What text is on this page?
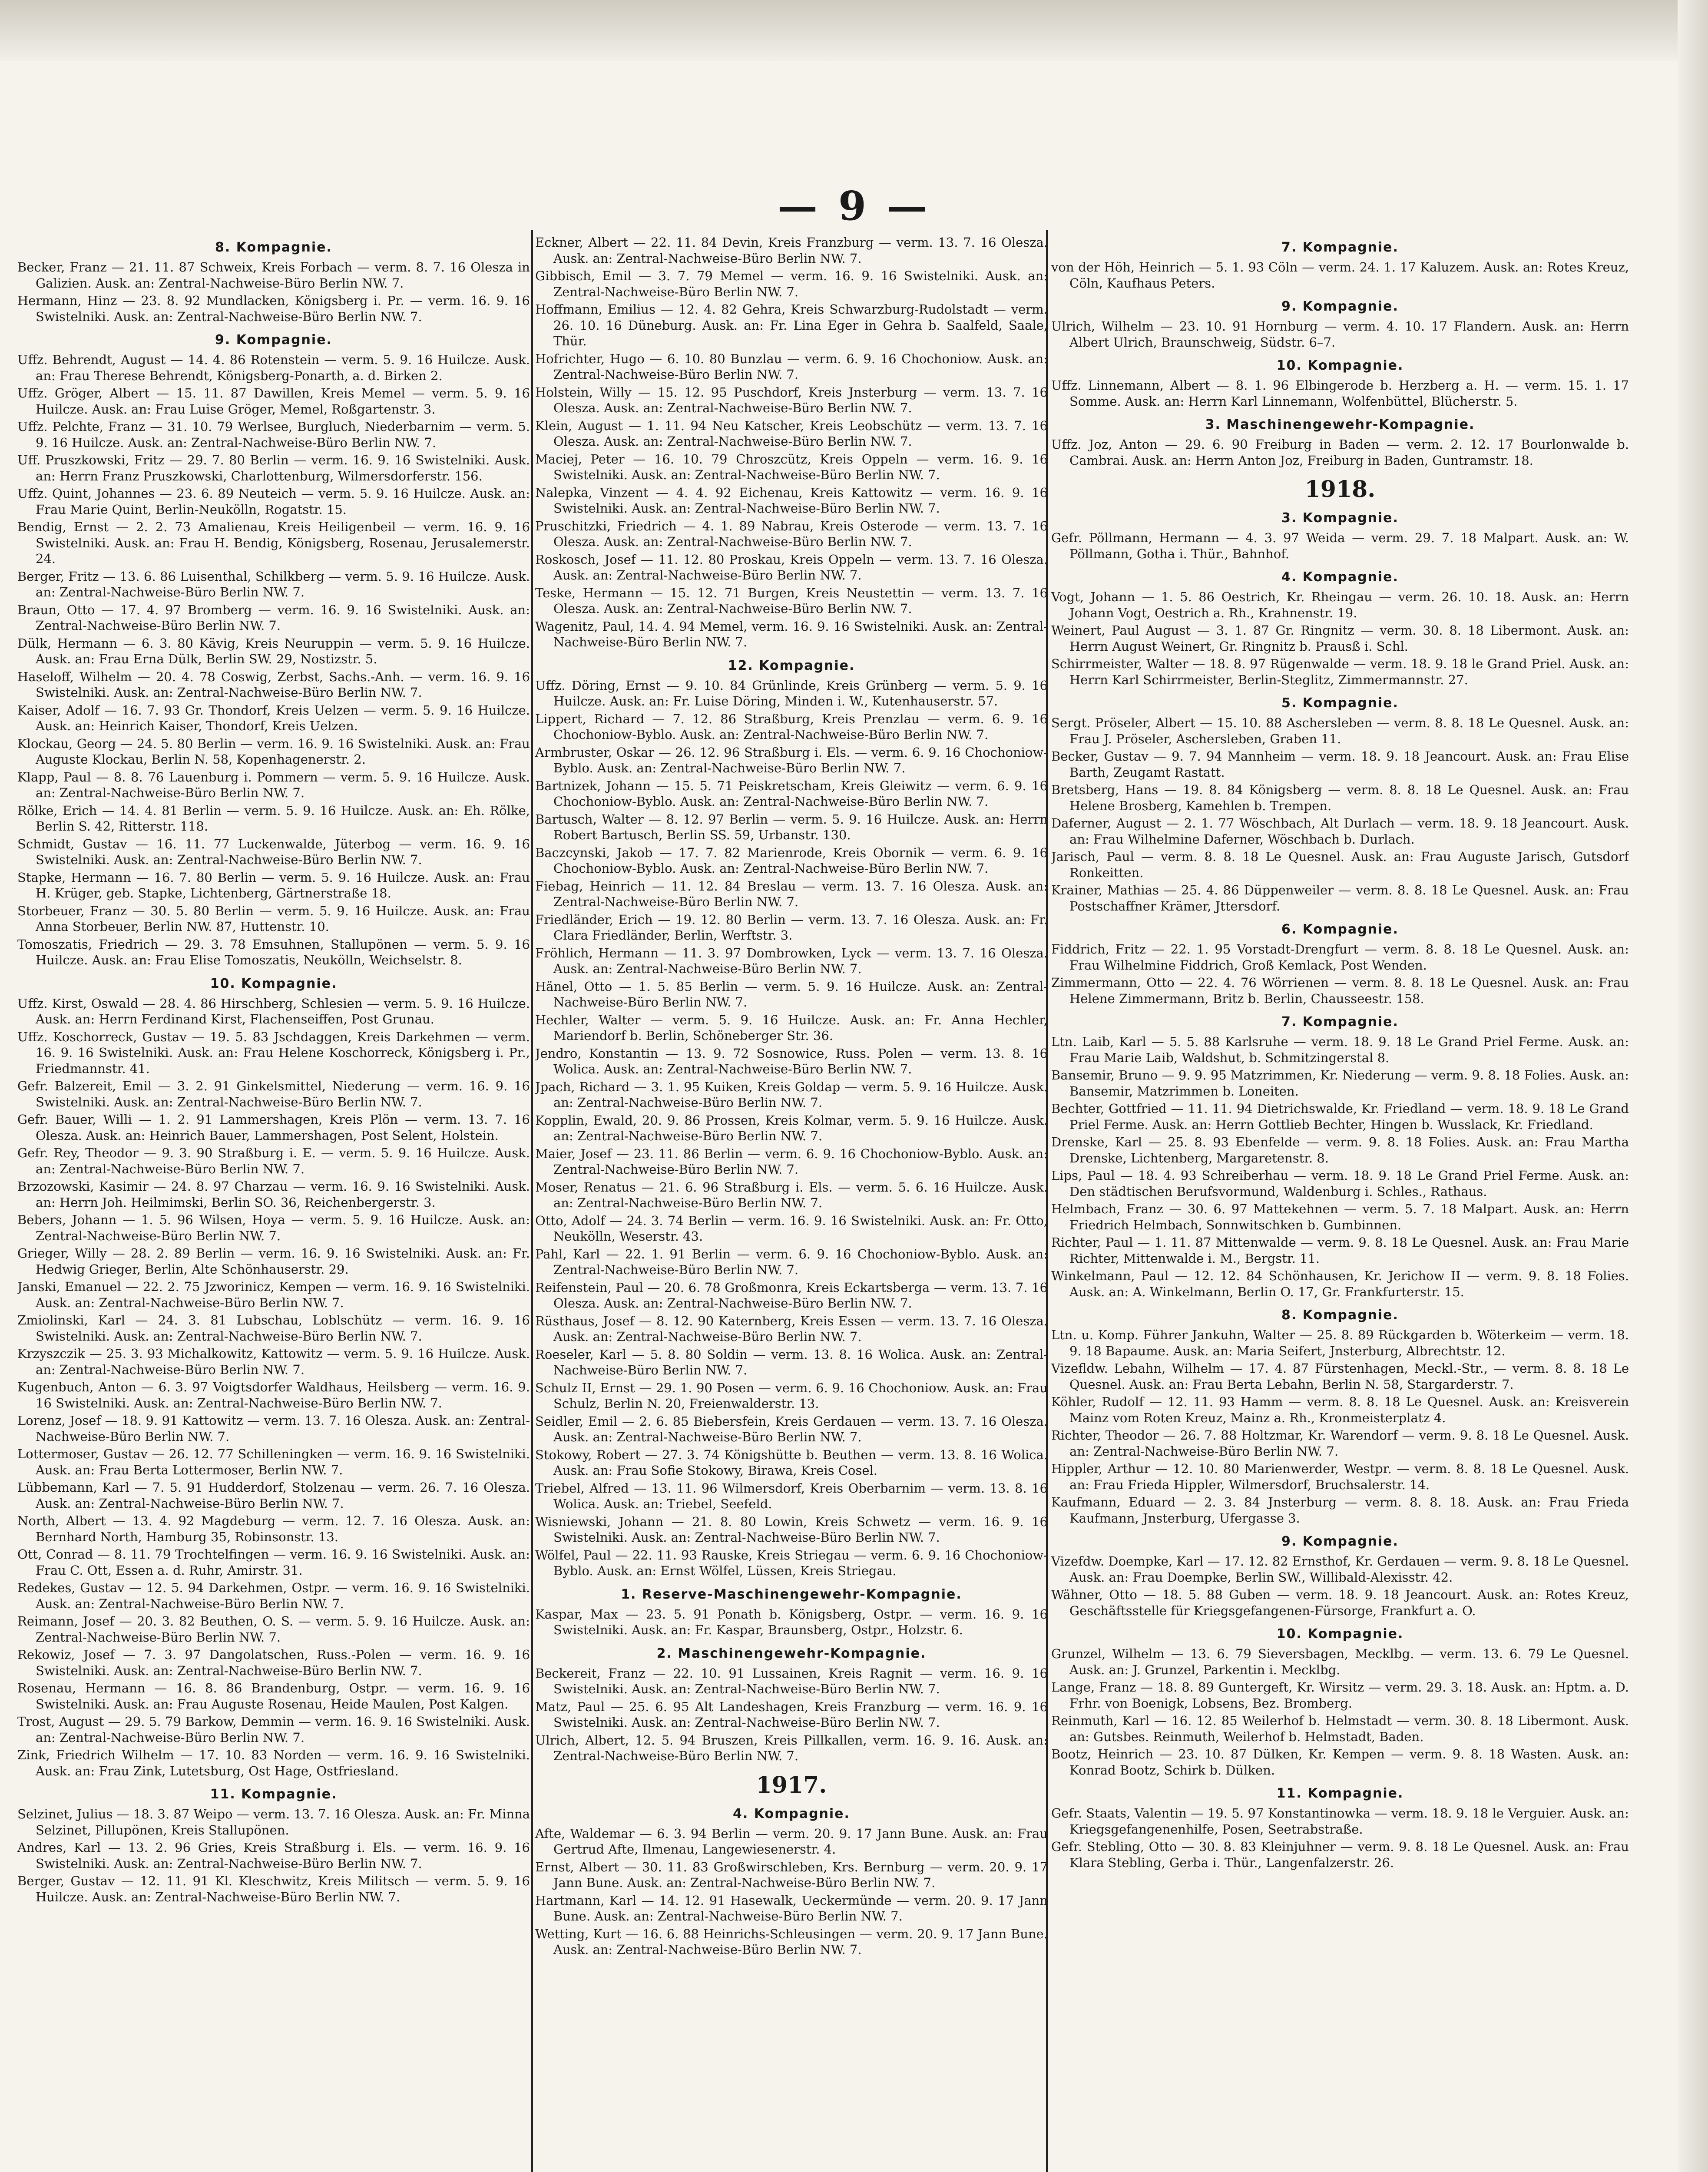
— 9 —
8. Kompagnie.
Becker, Franz — 21. 11. 87 Schweix, Kreis Forbach — verm. 8. 7. 16 Olesza in Galizien. Ausk. an: Zentral-Nachweise-Büro Berlin NW. 7.
Hermann, Hinz — 23. 8. 92 Mundlacken, Königsberg i. Pr. — verm. 16. 9. 16 Swistelniki. Ausk. an: Zentral-Nachweise-Büro Berlin NW. 7.
9. Kompagnie.
Uffz. Behrendt, August — 14. 4. 86 Rotenstein — verm. 5. 9. 16 Huilcze. Ausk. an: Frau Therese Behrendt, Königsberg-Ponarth, a. d. Birken 2.
Uffz. Gröger, Albert — 15. 11. 87 Dawillen, Kreis Memel — verm. 5. 9. 16 Huilcze. Ausk. an: Frau Luise Gröger, Memel, Roßgartenstr. 3.
Uffz. Pelchte, Franz — 31. 10. 79 Werlsee, Burgluch, Niederbarnim — verm. 5. 9. 16 Huilcze. Ausk. an: Zentral-Nachweise-Büro Berlin NW. 7.
Uff. Pruszkowski, Fritz — 29. 7. 80 Berlin — verm. 16. 9. 16 Swistelniki. Ausk. an: Herrn Franz Pruszkowski, Charlottenburg, Wilmersdorferstr. 156.
Uffz. Quint, Johannes — 23. 6. 89 Neuteich — verm. 5. 9. 16 Huilcze. Ausk. an: Frau Marie Quint, Berlin-Neukölln, Rogatstr. 15.
Bendig, Ernst — 2. 2. 73 Amalienau, Kreis Heiligenbeil — verm. 16. 9. 16 Swistelniki. Ausk. an: Frau H. Bendig, Königsberg, Rosenau, Jerusalemerstr. 24.
Berger, Fritz — 13. 6. 86 Luisenthal, Schilkberg — verm. 5. 9. 16 Huilcze. Ausk. an: Zentral-Nachweise-Büro Berlin NW. 7.
Braun, Otto — 17. 4. 97 Bromberg — verm. 16. 9. 16 Swistelniki. Ausk. an: Zentral-Nachweise-Büro Berlin NW. 7.
Dülk, Hermann — 6. 3. 80 Kävig, Kreis Neuruppin — verm. 5. 9. 16 Huilcze. Ausk. an: Frau Erna Dülk, Berlin SW. 29, Nostizstr. 5.
Haseloff, Wilhelm — 20. 4. 78 Coswig, Zerbst, Sachs.-Anh. — verm. 16. 9. 16 Swistelniki. Ausk. an: Zentral-Nachweise-Büro Berlin NW. 7.
Kaiser, Adolf — 16. 7. 93 Gr. Thondorf, Kreis Uelzen — verm. 5. 9. 16 Huilcze. Ausk. an: Heinrich Kaiser, Thondorf, Kreis Uelzen.
Klockau, Georg — 24. 5. 80 Berlin — verm. 16. 9. 16 Swistelniki. Ausk. an: Frau Auguste Klockau, Berlin N. 58, Kopenhagenerstr. 2.
Klapp, Paul — 8. 8. 76 Lauenburg i. Pommern — verm. 5. 9. 16 Huilcze. Ausk. an: Zentral-Nachweise-Büro Berlin NW. 7.
Rölke, Erich — 14. 4. 81 Berlin — verm. 5. 9. 16 Huilcze. Ausk. an: Eh. Rölke, Berlin S. 42, Ritterstr. 118.
Schmidt, Gustav — 16. 11. 77 Luckenwalde, Jüterbog — verm. 16. 9. 16 Swistelniki. Ausk. an: Zentral-Nachweise-Büro Berlin NW. 7.
Stapke, Hermann — 16. 7. 80 Berlin — verm. 5. 9. 16 Huilcze. Ausk. an: Frau H. Krüger, geb. Stapke, Lichtenberg, Gärtnerstraße 18.
Storbeuer, Franz — 30. 5. 80 Berlin — verm. 5. 9. 16 Huilcze. Ausk. an: Frau Anna Storbeuer, Berlin NW. 87, Huttenstr. 10.
Tomoszatis, Friedrich — 29. 3. 78 Emsuhnen, Stallupönen — verm. 5. 9. 16 Huilcze. Ausk. an: Frau Elise Tomoszatis, Neukölln, Weichselstr. 8.
10. Kompagnie.
Uffz. Kirst, Oswald — 28. 4. 86 Hirschberg, Schlesien — verm. 5. 9. 16 Huilcze. Ausk. an: Herrn Ferdinand Kirst, Flachenseiffen, Post Grunau.
Uffz. Koschorreck, Gustav — 19. 5. 83 Jschdaggen, Kreis Darkehmen — verm. 16. 9. 16 Swistelniki. Ausk. an: Frau Helene Koschorreck, Königsberg i. Pr., Friedmannstr. 41.
Gefr. Balzereit, Emil — 3. 2. 91 Ginkelsmittel, Niederung — verm. 16. 9. 16 Swistelniki. Ausk. an: Zentral-Nachweise-Büro Berlin NW. 7.
Gefr. Bauer, Willi — 1. 2. 91 Lammershagen, Kreis Plön — verm. 13. 7. 16 Olesza. Ausk. an: Heinrich Bauer, Lammershagen, Post Selent, Holstein.
Gefr. Rey, Theodor — 9. 3. 90 Straßburg i. E. — verm. 5. 9. 16 Huilcze. Ausk. an: Zentral-Nachweise-Büro Berlin NW. 7.
Brzozowski, Kasimir — 24. 8. 97 Charzau — verm. 16. 9. 16 Swistelniki. Ausk. an: Herrn Joh. Heilmimski, Berlin SO. 36, Reichenbergerstr. 3.
Bebers, Johann — 1. 5. 96 Wilsen, Hoya — verm. 5. 9. 16 Huilcze. Ausk. an: Zentral-Nachweise-Büro Berlin NW. 7.
Grieger, Willy — 28. 2. 89 Berlin — verm. 16. 9. 16 Swistelniki. Ausk. an: Fr. Hedwig Grieger, Berlin, Alte Schönhauserstr. 29.
Janski, Emanuel — 22. 2. 75 Jzworinicz, Kempen — verm. 16. 9. 16 Swistelniki. Ausk. an: Zentral-Nachweise-Büro Berlin NW. 7.
Zmiolinski, Karl — 24. 3. 81 Lubschau, Loblschütz — verm. 16. 9. 16 Swistelniki. Ausk. an: Zentral-Nachweise-Büro Berlin NW. 7.
Krzyszczik — 25. 3. 93 Michalkowitz, Kattowitz — verm. 5. 9. 16 Huilcze. Ausk. an: Zentral-Nachweise-Büro Berlin NW. 7.
Kugenbuch, Anton — 6. 3. 97 Voigtsdorfer Waldhaus, Heilsberg — verm. 16. 9. 16 Swistelniki. Ausk. an: Zentral-Nachweise-Büro Berlin NW. 7.
Lorenz, Josef — 18. 9. 91 Kattowitz — verm. 13. 7. 16 Olesza. Ausk. an: Zentral-Nachweise-Büro Berlin NW. 7.
Lottermoser, Gustav — 26. 12. 77 Schilleningken — verm. 16. 9. 16 Swistelniki. Ausk. an: Frau Berta Lottermoser, Berlin NW. 7.
Lübbemann, Karl — 7. 5. 91 Hudderdorf, Stolzenau — verm. 26. 7. 16 Olesza. Ausk. an: Zentral-Nachweise-Büro Berlin NW. 7.
North, Albert — 13. 4. 92 Magdeburg — verm. 12. 7. 16 Olesza. Ausk. an: Bernhard North, Hamburg 35, Robinsonstr. 13.
Ott, Conrad — 8. 11. 79 Trochtelfingen — verm. 16. 9. 16 Swistelniki. Ausk. an: Frau C. Ott, Essen a. d. Ruhr, Amirstr. 31.
Redekes, Gustav — 12. 5. 94 Darkehmen, Ostpr. — verm. 16. 9. 16 Swistelniki. Ausk. an: Zentral-Nachweise-Büro Berlin NW. 7.
Reimann, Josef — 20. 3. 82 Beuthen, O. S. — verm. 5. 9. 16 Huilcze. Ausk. an: Zentral-Nachweise-Büro Berlin NW. 7.
Rekowiz, Josef — 7. 3. 97 Dangolatschen, Russ.-Polen — verm. 16. 9. 16 Swistelniki. Ausk. an: Zentral-Nachweise-Büro Berlin NW. 7.
Rosenau, Hermann — 16. 8. 86 Brandenburg, Ostpr. — verm. 16. 9. 16 Swistelniki. Ausk. an: Frau Auguste Rosenau, Heide Maulen, Post Kalgen.
Trost, August — 29. 5. 79 Barkow, Demmin — verm. 16. 9. 16 Swistelniki. Ausk. an: Zentral-Nachweise-Büro Berlin NW. 7.
Zink, Friedrich Wilhelm — 17. 10. 83 Norden — verm. 16. 9. 16 Swistelniki. Ausk. an: Frau Zink, Lutetsburg, Ost Hage, Ostfriesland.
11. Kompagnie.
Selzinet, Julius — 18. 3. 87 Weipo — verm. 13. 7. 16 Olesza. Ausk. an: Fr. Minna Selzinet, Pillupönen, Kreis Stallupönen.
Andres, Karl — 13. 2. 96 Gries, Kreis Straßburg i. Els. — verm. 16. 9. 16 Swistelniki. Ausk. an: Zentral-Nachweise-Büro Berlin NW. 7.
Berger, Gustav — 12. 11. 91 Kl. Kleschwitz, Kreis Militsch — verm. 5. 9. 16 Huilcze. Ausk. an: Zentral-Nachweise-Büro Berlin NW. 7.
Eckner, Albert — 22. 11. 84 Devin, Kreis Franzburg — verm. 13. 7. 16 Olesza. Ausk. an: Zentral-Nachweise-Büro Berlin NW. 7.
Gibbisch, Emil — 3. 7. 79 Memel — verm. 16. 9. 16 Swistelniki. Ausk. an: Zentral-Nachweise-Büro Berlin NW. 7.
Hoffmann, Emilius — 12. 4. 82 Gehra, Kreis Schwarzburg-Rudolstadt — verm. 26. 10. 16 Düneburg. Ausk. an: Fr. Lina Eger in Gehra b. Saalfeld, Saale, Thür.
Hofrichter, Hugo — 6. 10. 80 Bunzlau — verm. 6. 9. 16 Chochoniow. Ausk. an: Zentral-Nachweise-Büro Berlin NW. 7.
Holstein, Willy — 15. 12. 95 Puschdorf, Kreis Jnsterburg — verm. 13. 7. 16 Olesza. Ausk. an: Zentral-Nachweise-Büro Berlin NW. 7.
Klein, August — 1. 11. 94 Neu Katscher, Kreis Leobschütz — verm. 13. 7. 16 Olesza. Ausk. an: Zentral-Nachweise-Büro Berlin NW. 7.
Maciej, Peter — 16. 10. 79 Chroszcütz, Kreis Oppeln — verm. 16. 9. 16 Swistelniki. Ausk. an: Zentral-Nachweise-Büro Berlin NW. 7.
Nalepka, Vinzent — 4. 4. 92 Eichenau, Kreis Kattowitz — verm. 16. 9. 16 Swistelniki. Ausk. an: Zentral-Nachweise-Büro Berlin NW. 7.
Pruschitzki, Friedrich — 4. 1. 89 Nabrau, Kreis Osterode — verm. 13. 7. 16 Olesza. Ausk. an: Zentral-Nachweise-Büro Berlin NW. 7.
Roskosch, Josef — 11. 12. 80 Proskau, Kreis Oppeln — verm. 13. 7. 16 Olesza. Ausk. an: Zentral-Nachweise-Büro Berlin NW. 7.
Teske, Hermann — 15. 12. 71 Burgen, Kreis Neustettin — verm. 13. 7. 16 Olesza. Ausk. an: Zentral-Nachweise-Büro Berlin NW. 7.
Wagenitz, Paul, 14. 4. 94 Memel, verm. 16. 9. 16 Swistelniki. Ausk. an: Zentral-Nachweise-Büro Berlin NW. 7.
12. Kompagnie.
Uffz. Döring, Ernst — 9. 10. 84 Grünlinde, Kreis Grünberg — verm. 5. 9. 16 Huilcze. Ausk. an: Fr. Luise Döring, Minden i. W., Kutenhauserstr. 57.
Lippert, Richard — 7. 12. 86 Straßburg, Kreis Prenzlau — verm. 6. 9. 16 Chochoniow-Byblo. Ausk. an: Zentral-Nachweise-Büro Berlin NW. 7.
Armbruster, Oskar — 26. 12. 96 Straßburg i. Els. — verm. 6. 9. 16 Chochoniow-Byblo. Ausk. an: Zentral-Nachweise-Büro Berlin NW. 7.
Bartnizek, Johann — 15. 5. 71 Peiskretscham, Kreis Gleiwitz — verm. 6. 9. 16 Chochoniow-Byblo. Ausk. an: Zentral-Nachweise-Büro Berlin NW. 7.
Bartusch, Walter — 8. 12. 97 Berlin — verm. 5. 9. 16 Huilcze. Ausk. an: Herrn Robert Bartusch, Berlin SS. 59, Urbanstr. 130.
Baczcynski, Jakob — 17. 7. 82 Marienrode, Kreis Obornik — verm. 6. 9. 16 Chochoniow-Byblo. Ausk. an: Zentral-Nachweise-Büro Berlin NW. 7.
Fiebag, Heinrich — 11. 12. 84 Breslau — verm. 13. 7. 16 Olesza. Ausk. an: Zentral-Nachweise-Büro Berlin NW. 7.
Friedländer, Erich — 19. 12. 80 Berlin — verm. 13. 7. 16 Olesza. Ausk. an: Fr. Clara Friedländer, Berlin, Werftstr. 3.
Fröhlich, Hermann — 11. 3. 97 Dombrowken, Lyck — verm. 13. 7. 16 Olesza. Ausk. an: Zentral-Nachweise-Büro Berlin NW. 7.
Hänel, Otto — 1. 5. 85 Berlin — verm. 5. 9. 16 Huilcze. Ausk. an: Zentral-Nachweise-Büro Berlin NW. 7.
Hechler, Walter — verm. 5. 9. 16 Huilcze. Ausk. an: Fr. Anna Hechler, Mariendorf b. Berlin, Schöneberger Str. 36.
Jendro, Konstantin — 13. 9. 72 Sosnowice, Russ. Polen — verm. 13. 8. 16 Wolica. Ausk. an: Zentral-Nachweise-Büro Berlin NW. 7.
Jpach, Richard — 3. 1. 95 Kuiken, Kreis Goldap — verm. 5. 9. 16 Huilcze. Ausk. an: Zentral-Nachweise-Büro Berlin NW. 7.
Kopplin, Ewald, 20. 9. 86 Prossen, Kreis Kolmar, verm. 5. 9. 16 Huilcze. Ausk. an: Zentral-Nachweise-Büro Berlin NW. 7.
Maier, Josef — 23. 11. 86 Berlin — verm. 6. 9. 16 Chochoniow-Byblo. Ausk. an: Zentral-Nachweise-Büro Berlin NW. 7.
Moser, Renatus — 21. 6. 96 Straßburg i. Els. — verm. 5. 6. 16 Huilcze. Ausk. an: Zentral-Nachweise-Büro Berlin NW. 7.
Otto, Adolf — 24. 3. 74 Berlin — verm. 16. 9. 16 Swistelniki. Ausk. an: Fr. Otto, Neukölln, Weserstr. 43.
Pahl, Karl — 22. 1. 91 Berlin — verm. 6. 9. 16 Chochoniow-Byblo. Ausk. an: Zentral-Nachweise-Büro Berlin NW. 7.
Reifenstein, Paul — 20. 6. 78 Großmonra, Kreis Eckartsberga — verm. 13. 7. 16 Olesza. Ausk. an: Zentral-Nachweise-Büro Berlin NW. 7.
Rüsthaus, Josef — 8. 12. 90 Katernberg, Kreis Essen — verm. 13. 7. 16 Olesza. Ausk. an: Zentral-Nachweise-Büro Berlin NW. 7.
Roeseler, Karl — 5. 8. 80 Soldin — verm. 13. 8. 16 Wolica. Ausk. an: Zentral-Nachweise-Büro Berlin NW. 7.
Schulz II, Ernst — 29. 1. 90 Posen — verm. 6. 9. 16 Chochoniow. Ausk. an: Frau Schulz, Berlin N. 20, Freienwalderstr. 13.
Seidler, Emil — 2. 6. 85 Biebersfein, Kreis Gerdauen — verm. 13. 7. 16 Olesza. Ausk. an: Zentral-Nachweise-Büro Berlin NW. 7.
Stokowy, Robert — 27. 3. 74 Königshütte b. Beuthen — verm. 13. 8. 16 Wolica. Ausk. an: Frau Sofie Stokowy, Birawa, Kreis Cosel.
Triebel, Alfred — 13. 11. 96 Wilmersdorf, Kreis Oberbarnim — verm. 13. 8. 16 Wolica. Ausk. an: Triebel, Seefeld.
Wisniewski, Johann — 21. 8. 80 Lowin, Kreis Schwetz — verm. 16. 9. 16 Swistelniki. Ausk. an: Zentral-Nachweise-Büro Berlin NW. 7.
Wölfel, Paul — 22. 11. 93 Rauske, Kreis Striegau — verm. 6. 9. 16 Chochoniow-Byblo. Ausk. an: Ernst Wölfel, Lüssen, Kreis Striegau.
1. Reserve-Maschinengewehr-Kompagnie.
Kaspar, Max — 23. 5. 91 Ponath b. Königsberg, Ostpr. — verm. 16. 9. 16 Swistelniki. Ausk. an: Fr. Kaspar, Braunsberg, Ostpr., Holzstr. 6.
2. Maschinengewehr-Kompagnie.
Beckereit, Franz — 22. 10. 91 Lussainen, Kreis Ragnit — verm. 16. 9. 16 Swistelniki. Ausk. an: Zentral-Nachweise-Büro Berlin NW. 7.
Matz, Paul — 25. 6. 95 Alt Landeshagen, Kreis Franzburg — verm. 16. 9. 16 Swistelniki. Ausk. an: Zentral-Nachweise-Büro Berlin NW. 7.
Ulrich, Albert, 12. 5. 94 Bruszen, Kreis Pillkallen, verm. 16. 9. 16. Ausk. an: Zentral-Nachweise-Büro Berlin NW. 7.
1917.
4. Kompagnie.
Afte, Waldemar — 6. 3. 94 Berlin — verm. 20. 9. 17 Jann Bune. Ausk. an: Frau Gertrud Afte, Ilmenau, Langewiesenerstr. 4.
Ernst, Albert — 30. 11. 83 Großwirschleben, Krs. Bernburg — verm. 20. 9. 17 Jann Bune. Ausk. an: Zentral-Nachweise-Büro Berlin NW. 7.
Hartmann, Karl — 14. 12. 91 Hasewalk, Ueckermünde — verm. 20. 9. 17 Jann Bune. Ausk. an: Zentral-Nachweise-Büro Berlin NW. 7.
Wetting, Kurt — 16. 6. 88 Heinrichs-Schleusingen — verm. 20. 9. 17 Jann Bune. Ausk. an: Zentral-Nachweise-Büro Berlin NW. 7.
7. Kompagnie.
von der Höh, Heinrich — 5. 1. 93 Cöln — verm. 24. 1. 17 Kaluzem. Ausk. an: Rotes Kreuz, Cöln, Kaufhaus Peters.
9. Kompagnie.
Ulrich, Wilhelm — 23. 10. 91 Hornburg — verm. 4. 10. 17 Flandern. Ausk. an: Herrn Albert Ulrich, Braunschweig, Südstr. 6–7.
10. Kompagnie.
Uffz. Linnemann, Albert — 8. 1. 96 Elbingerode b. Herzberg a. H. — verm. 15. 1. 17 Somme. Ausk. an: Herrn Karl Linnemann, Wolfenbüttel, Blücherstr. 5.
3. Maschinengewehr-Kompagnie.
Uffz. Joz, Anton — 29. 6. 90 Freiburg in Baden — verm. 2. 12. 17 Bourlonwalde b. Cambrai. Ausk. an: Herrn Anton Joz, Freiburg in Baden, Guntramstr. 18.
1918.
3. Kompagnie.
Gefr. Pöllmann, Hermann — 4. 3. 97 Weida — verm. 29. 7. 18 Malpart. Ausk. an: W. Pöllmann, Gotha i. Thür., Bahnhof.
4. Kompagnie.
Vogt, Johann — 1. 5. 86 Oestrich, Kr. Rheingau — verm. 26. 10. 18. Ausk. an: Herrn Johann Vogt, Oestrich a. Rh., Krahnenstr. 19.
Weinert, Paul August — 3. 1. 87 Gr. Ringnitz — verm. 30. 8. 18 Libermont. Ausk. an: Herrn August Weinert, Gr. Ringnitz b. Prausß i. Schl.
Schirrmeister, Walter — 18. 8. 97 Rügenwalde — verm. 18. 9. 18 le Grand Priel. Ausk. an: Herrn Karl Schirrmeister, Berlin-Steglitz, Zimmermannstr. 27.
5. Kompagnie.
Sergt. Pröseler, Albert — 15. 10. 88 Aschersleben — verm. 8. 8. 18 Le Quesnel. Ausk. an: Frau J. Pröseler, Aschersleben, Graben 11.
Becker, Gustav — 9. 7. 94 Mannheim — verm. 18. 9. 18 Jeancourt. Ausk. an: Frau Elise Barth, Zeugamt Rastatt.
Bretsberg, Hans — 19. 8. 84 Königsberg — verm. 8. 8. 18 Le Quesnel. Ausk. an: Frau Helene Brosberg, Kamehlen b. Trempen.
Daferner, August — 2. 1. 77 Wöschbach, Alt Durlach — verm. 18. 9. 18 Jeancourt. Ausk. an: Frau Wilhelmine Daferner, Wöschbach b. Durlach.
Jarisch, Paul — verm. 8. 8. 18 Le Quesnel. Ausk. an: Frau Auguste Jarisch, Gutsdorf Ronkeitten.
Krainer, Mathias — 25. 4. 86 Düppenweiler — verm. 8. 8. 18 Le Quesnel. Ausk. an: Frau Postschaffner Krämer, Jttersdorf.
6. Kompagnie.
Fiddrich, Fritz — 22. 1. 95 Vorstadt-Drengfurt — verm. 8. 8. 18 Le Quesnel. Ausk. an: Frau Wilhelmine Fiddrich, Groß Kemlack, Post Wenden.
Zimmermann, Otto — 22. 4. 76 Wörrienen — verm. 8. 8. 18 Le Quesnel. Ausk. an: Frau Helene Zimmermann, Britz b. Berlin, Chausseestr. 158.
7. Kompagnie.
Ltn. Laib, Karl — 5. 5. 88 Karlsruhe — verm. 18. 9. 18 Le Grand Priel Ferme. Ausk. an: Frau Marie Laib, Waldshut, b. Schmitzingerstal 8.
Bansemir, Bruno — 9. 9. 95 Matzrimmen, Kr. Niederung — verm. 9. 8. 18 Folies. Ausk. an: Bansemir, Matzrimmen b. Loneiten.
Bechter, Gottfried — 11. 11. 94 Dietrichswalde, Kr. Friedland — verm. 18. 9. 18 Le Grand Priel Ferme. Ausk. an: Herrn Gottlieb Bechter, Hingen b. Wusslack, Kr. Friedland.
Drenske, Karl — 25. 8. 93 Ebenfelde — verm. 9. 8. 18 Folies. Ausk. an: Frau Martha Drenske, Lichtenberg, Margaretenstr. 8.
Lips, Paul — 18. 4. 93 Schreiberhau — verm. 18. 9. 18 Le Grand Priel Ferme. Ausk. an: Den städtischen Berufsvormund, Waldenburg i. Schles., Rathaus.
Helmbach, Franz — 30. 6. 97 Mattekehnen — verm. 5. 7. 18 Malpart. Ausk. an: Herrn Friedrich Helmbach, Sonnwitschken b. Gumbinnen.
Richter, Paul — 1. 11. 87 Mittenwalde — verm. 9. 8. 18 Le Quesnel. Ausk. an: Frau Marie Richter, Mittenwalde i. M., Bergstr. 11.
Winkelmann, Paul — 12. 12. 84 Schönhausen, Kr. Jerichow II — verm. 9. 8. 18 Folies. Ausk. an: A. Winkelmann, Berlin O. 17, Gr. Frankfurterstr. 15.
8. Kompagnie.
Ltn. u. Komp. Führer Jankuhn, Walter — 25. 8. 89 Rückgarden b. Wöterkeim — verm. 18. 9. 18 Bapaume. Ausk. an: Maria Seifert, Jnsterburg, Albrechtstr. 12.
Vizefldw. Lebahn, Wilhelm — 17. 4. 87 Fürstenhagen, Meckl.-Str., — verm. 8. 8. 18 Le Quesnel. Ausk. an: Frau Berta Lebahn, Berlin N. 58, Stargarderstr. 7.
Köhler, Rudolf — 12. 11. 93 Hamm — verm. 8. 8. 18 Le Quesnel. Ausk. an: Kreisverein Mainz vom Roten Kreuz, Mainz a. Rh., Kronmeisterplatz 4.
Richter, Theodor — 26. 7. 88 Holtzmar, Kr. Warendorf — verm. 9. 8. 18 Le Quesnel. Ausk. an: Zentral-Nachweise-Büro Berlin NW. 7.
Hippler, Arthur — 12. 10. 80 Marienwerder, Westpr. — verm. 8. 8. 18 Le Quesnel. Ausk. an: Frau Frieda Hippler, Wilmersdorf, Bruchsalerstr. 14.
Kaufmann, Eduard — 2. 3. 84 Jnsterburg — verm. 8. 8. 18. Ausk. an: Frau Frieda Kaufmann, Jnsterburg, Ufergasse 3.
9. Kompagnie.
Vizefdw. Doempke, Karl — 17. 12. 82 Ernsthof, Kr. Gerdauen — verm. 9. 8. 18 Le Quesnel. Ausk. an: Frau Doempke, Berlin SW., Willibald-Alexisstr. 42.
Wähner, Otto — 18. 5. 88 Guben — verm. 18. 9. 18 Jeancourt. Ausk. an: Rotes Kreuz, Geschäftsstelle für Kriegsgefangenen-Fürsorge, Frankfurt a. O.
10. Kompagnie.
Grunzel, Wilhelm — 13. 6. 79 Sieversbagen, Mecklbg. — verm. 13. 6. 79 Le Quesnel. Ausk. an: J. Grunzel, Parkentin i. Mecklbg.
Lange, Franz — 18. 8. 89 Guntergeft, Kr. Wirsitz — verm. 29. 3. 18. Ausk. an: Hptm. a. D. Frhr. von Boenigk, Lobsens, Bez. Bromberg.
Reinmuth, Karl — 16. 12. 85 Weilerhof b. Helmstadt — verm. 30. 8. 18 Libermont. Ausk. an: Gutsbes. Reinmuth, Weilerhof b. Helmstadt, Baden.
Bootz, Heinrich — 23. 10. 87 Dülken, Kr. Kempen — verm. 9. 8. 18 Wasten. Ausk. an: Konrad Bootz, Schirk b. Dülken.
11. Kompagnie.
Gefr. Staats, Valentin — 19. 5. 97 Konstantinowka — verm. 18. 9. 18 le Verguier. Ausk. an: Kriegsgefangenenhilfe, Posen, Seetrabstraße.
Gefr. Stebling, Otto — 30. 8. 83 Kleinjuhner — verm. 9. 8. 18 Le Quesnel. Ausk. an: Frau Klara Stebling, Gerba i. Thür., Langenfalzerstr. 26.
